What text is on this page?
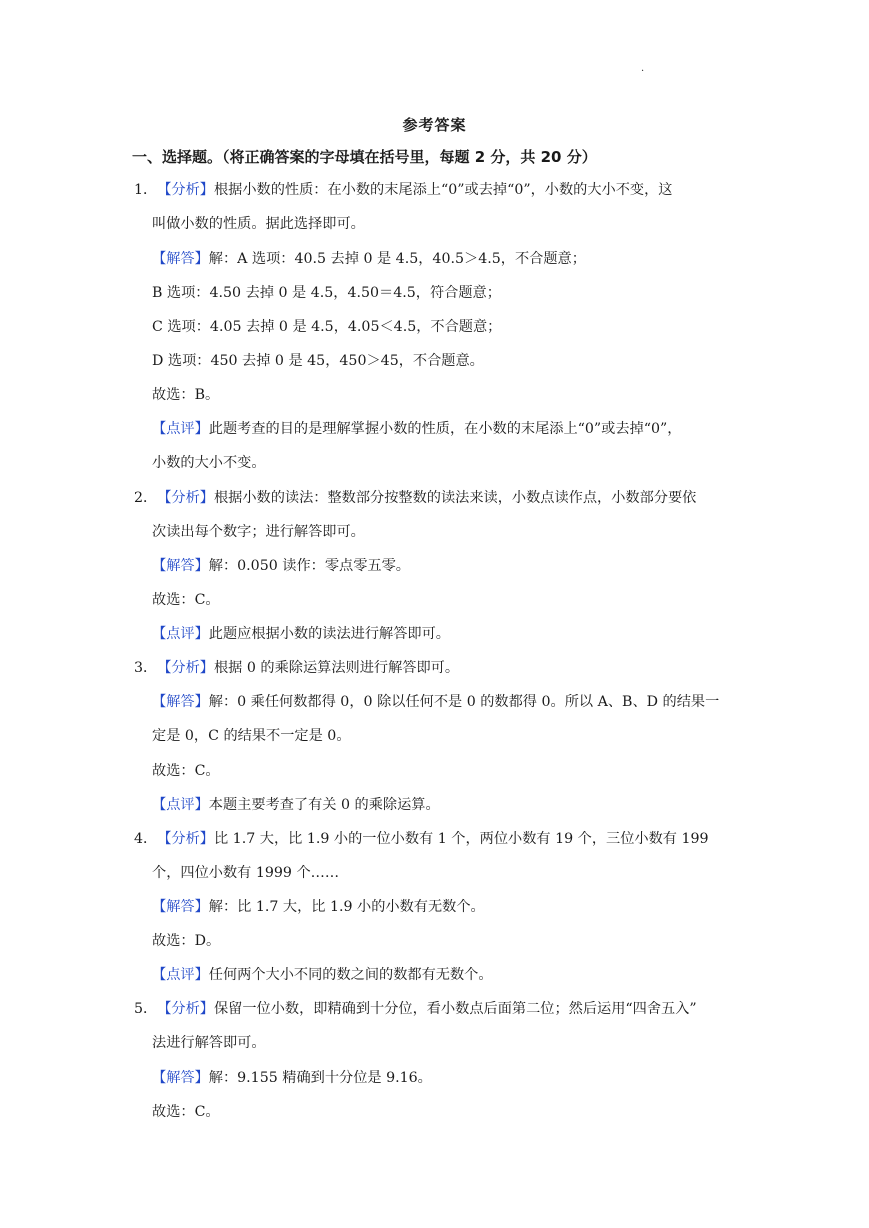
·
参考答案
一、选择题。（将正确答案的字母填在括号里，每题 2 分，共 20 分）
1．【分析】根据小数的性质：在小数的末尾添上“0”或去掉“0”，小数的大小不变，这
叫做小数的性质。据此选择即可。
【解答】解：A 选项：40.5 去掉 0 是 4.5，40.5＞4.5，不合题意；
B 选项：4.50 去掉 0 是 4.5，4.50＝4.5，符合题意；
C 选项：4.05 去掉 0 是 4.5，4.05＜4.5，不合题意；
D 选项：450 去掉 0 是 45，450＞45，不合题意。
故选：B。
【点评】此题考查的目的是理解掌握小数的性质，在小数的末尾添上“0”或去掉“0”，
小数的大小不变。
2．【分析】根据小数的读法：整数部分按整数的读法来读，小数点读作点，小数部分要依
次读出每个数字；进行解答即可。
【解答】解：0.050 读作：零点零五零。
故选：C。
【点评】此题应根据小数的读法进行解答即可。
3．【分析】根据 0 的乘除运算法则进行解答即可。
【解答】解：0 乘任何数都得 0，0 除以任何不是 0 的数都得 0。所以 A、B、D 的结果一
定是 0，C 的结果不一定是 0。
故选：C。
【点评】本题主要考查了有关 0 的乘除运算。
4．【分析】比 1.7 大，比 1.9 小的一位小数有 1 个，两位小数有 19 个，三位小数有 199
个，四位小数有 1999 个……
【解答】解：比 1.7 大，比 1.9 小的小数有无数个。
故选：D。
【点评】任何两个大小不同的数之间的数都有无数个。
5．【分析】保留一位小数，即精确到十分位，看小数点后面第二位；然后运用“四舍五入”
法进行解答即可。
【解答】解：9.155 精确到十分位是 9.16。
故选：C。
